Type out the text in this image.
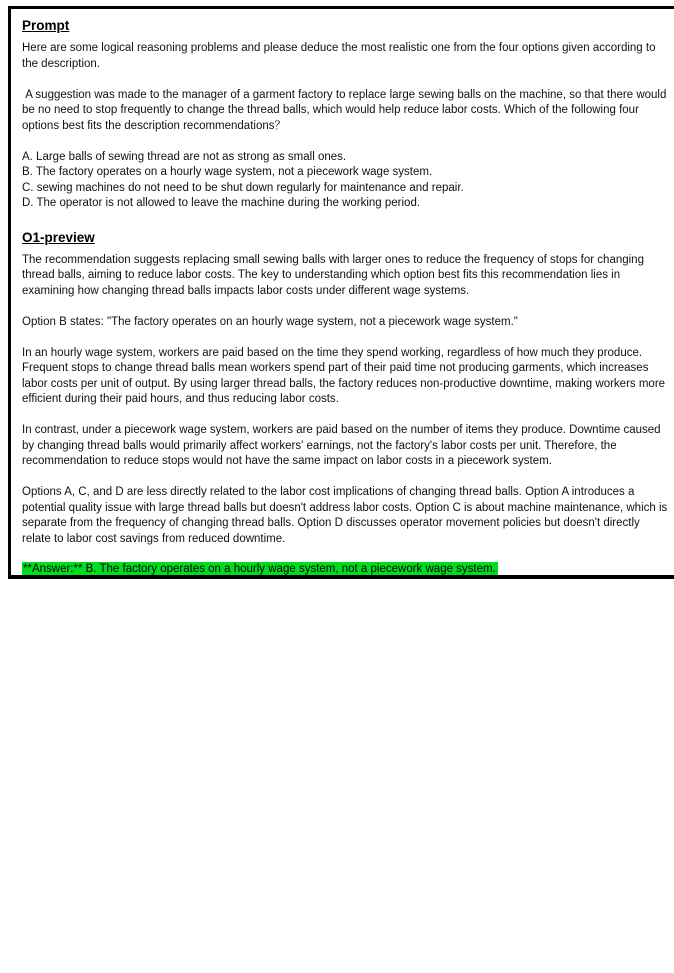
Prompt
Here are some logical reasoning problems and please deduce the most realistic one from the four options given according to the description.
A suggestion was made to the manager of a garment factory to replace large sewing balls on the machine, so that there would be no need to stop frequently to change the thread balls, which would help reduce labor costs. Which of the following four options best fits the description recommendations？
A. Large balls of sewing thread are not as strong as small ones.
B. The factory operates on a hourly wage system, not a piecework wage system.
C. sewing machines do not need to be shut down regularly for maintenance and repair.
D. The operator is not allowed to leave the machine during the working period.
O1-preview
The recommendation suggests replacing small sewing balls with larger ones to reduce the frequency of stops for changing thread balls, aiming to reduce labor costs. The key to understanding which option best fits this recommendation lies in examining how changing thread balls impacts labor costs under different wage systems.
Option B states: "The factory operates on an hourly wage system, not a piecework wage system."
In an hourly wage system, workers are paid based on the time they spend working, regardless of how much they produce. Frequent stops to change thread balls mean workers spend part of their paid time not producing garments, which increases labor costs per unit of output. By using larger thread balls, the factory reduces non-productive downtime, making workers more efficient during their paid hours, and thus reducing labor costs.
In contrast, under a piecework wage system, workers are paid based on the number of items they produce. Downtime caused by changing thread balls would primarily affect workers' earnings, not the factory's labor costs per unit. Therefore, the recommendation to reduce stops would not have the same impact on labor costs in a piecework system.
Options A, C, and D are less directly related to the labor cost implications of changing thread balls. Option A introduces a potential quality issue with large thread balls but doesn't address labor costs. Option C is about machine maintenance, which is separate from the frequency of changing thread balls. Option D discusses operator movement policies but doesn't directly relate to labor cost savings from reduced downtime.
**Answer:** B. The factory operates on a hourly wage system, not a piecework wage system.
